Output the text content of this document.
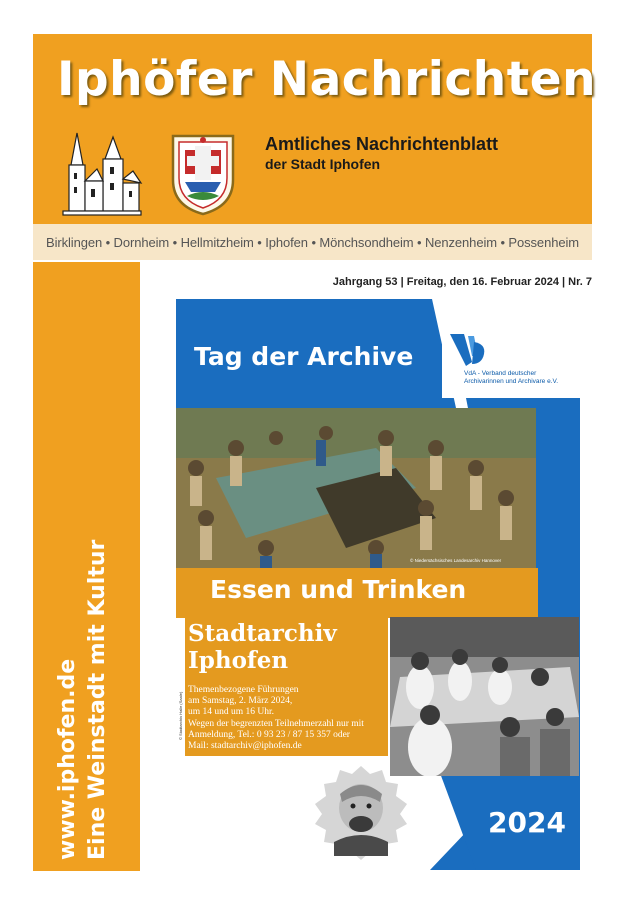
Iphöfer Nachrichten
Amtliches Nachrichtenblatt
der Stadt Iphofen
Birklingen • Dornheim • Hellmitzheim • Iphofen • Mönchsondheim • Nenzenheim • Possenheim
www.iphofen.de Eine Weinstadt mit Kultur
Jahrgang 53 | Freitag, den 16. Februar 2024 | Nr. 7
Tag der Archive
VdA - Verband deutscher
Archivarinnen und Archivare e.V.
© Niedersächsisches Landesarchiv Hannover
Essen und Trinken
Stadtarchiv
Iphofen
Themenbezogene Führungen
am Samstag, 2. März 2024,
um 14 und um 16 Uhr.
Wegen der begrenzten Teilnehmerzahl nur mit
Anmeldung, Tel.: 0 93 23 / 87 15 357 oder
Mail: stadtarchiv@iphofen.de
© Stadtarchiv Halle (Saale)
2024
